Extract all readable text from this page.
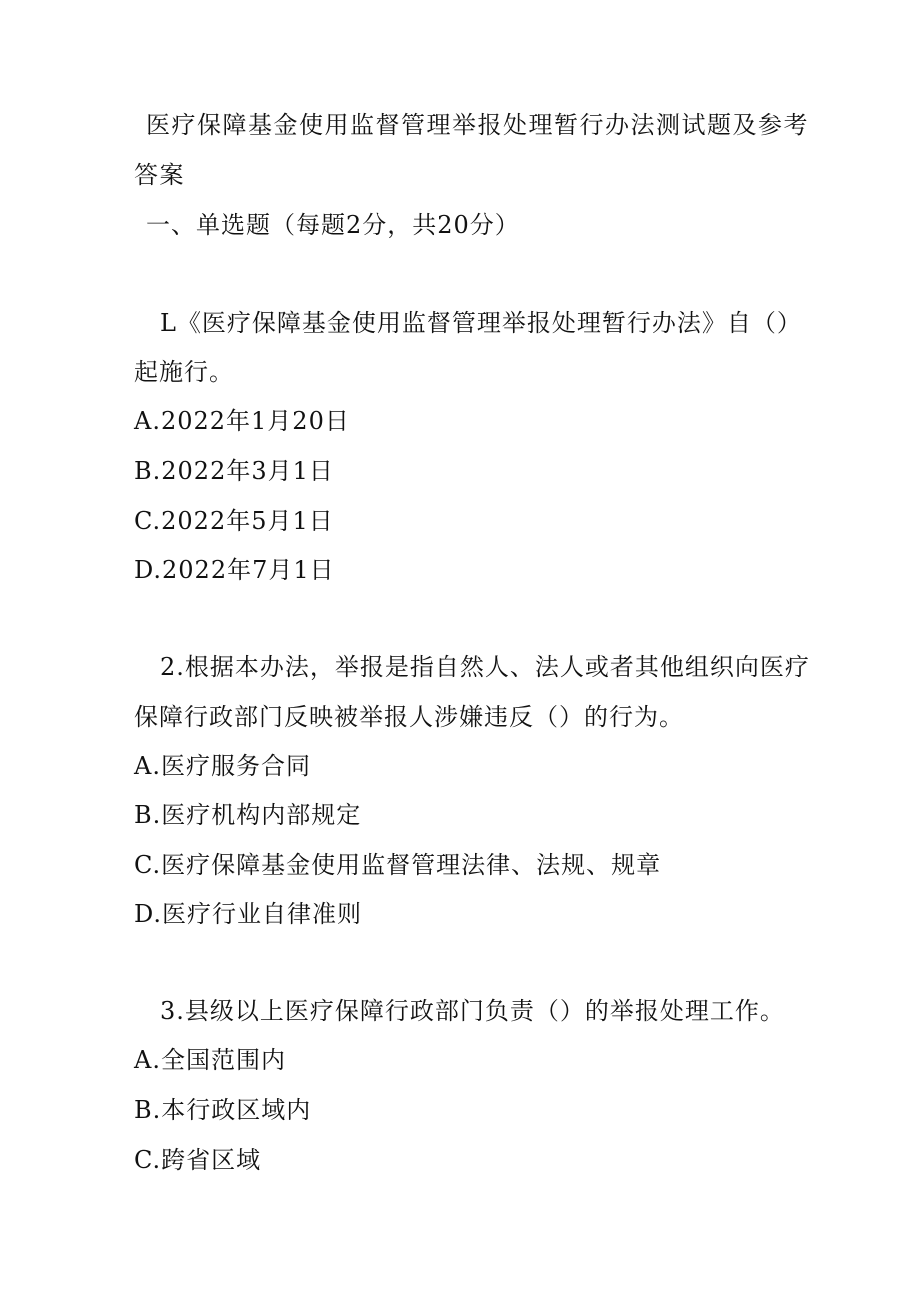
医疗保障基金使用监督管理举报处理暂行办法测试题及参考
答案
一、单选题（每题2分，共20分）
L《医疗保障基金使用监督管理举报处理暂行办法》自（）
起施行。
A.2022年1月20日
B.2022年3月1日
C.2022年5月1日
D.2022年7月1日
2.根据本办法，举报是指自然人、法人或者其他组织向医疗
保障行政部门反映被举报人涉嫌违反（）的行为。
A.医疗服务合同
B.医疗机构内部规定
C.医疗保障基金使用监督管理法律、法规、规章
D.医疗行业自律准则
3.县级以上医疗保障行政部门负责（）的举报处理工作。
A.全国范围内
B.本行政区域内
C.跨省区域
